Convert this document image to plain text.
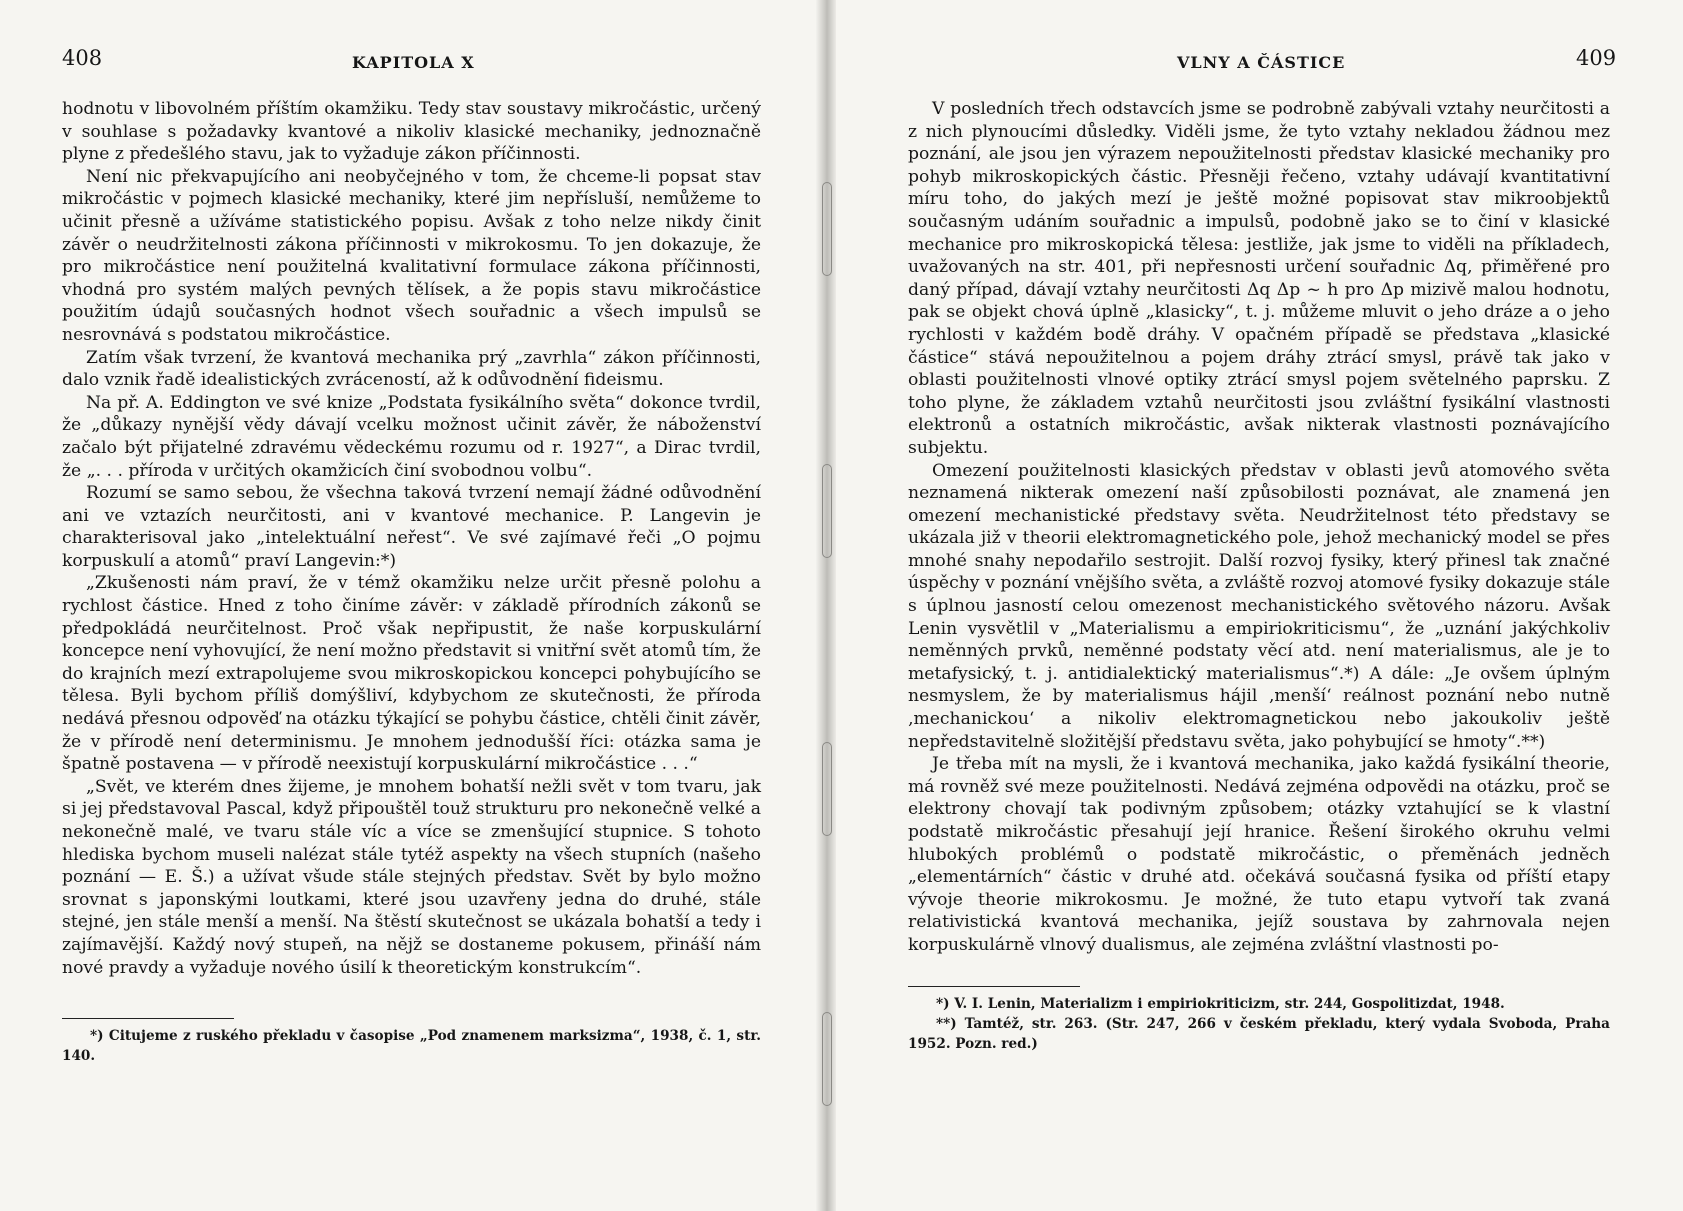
408	KAPITOLA X

hodnotu v libovolném příštím okamžiku. Tedy stav soustavy mikročástic, určený v souhlase s požadavky kvantové a nikoliv klasické mechaniky, jednoznačně plyne z předešlého stavu, jak to vyžaduje zákon příčinnosti.

Není nic překvapujícího ani neobyčejného v tom, že chceme-li popsat stav mikročástic v pojmech klasické mechaniky, které jim nepřísluší, nemůžeme to učinit přesně a užíváme statistického popisu. Avšak z toho nelze nikdy činit závěr o neudržitelnosti zákona příčinnosti v mikrokosmu. To jen dokazuje, že pro mikročástice není použitelná kvalitativní formulace zákona příčinnosti, vhodná pro systém malých pevných tělísek, a že popis stavu mikročástice použitím údajů současných hodnot všech souřadnic a všech impulsů se nesrovnává s podstatou mikročástice.

Zatím však tvrzení, že kvantová mechanika prý „zavrhla“ zákon příčinnosti, dalo vznik řadě idealistických zvráceností, až k odůvodnění fideismu.

Na př. A. Eddington ve své knize „Podstata fysikálního světa“ dokonce tvrdil, že „důkazy nynější vědy dávají vcelku možnost učinit závěr, že náboženství začalo být přijatelné zdravému vědeckému rozumu od r. 1927“, a Dirac tvrdil, že „. . . příroda v určitých okamžicích činí svobodnou volbu“.

Rozumí se samo sebou, že všechna taková tvrzení nemají žádné odůvodnění ani ve vztazích neurčitosti, ani v kvantové mechanice. P. Langevin je charakterisoval jako „intelektuální neřest“. Ve své zajímavé řeči „O pojmu korpuskulí a atomů“ praví Langevin:*)

„Zkušenosti nám praví, že v témž okamžiku nelze určit přesně polohu a rychlost částice. Hned z toho činíme závěr: v základě přírodních zákonů se předpokládá neurčitelnost. Proč však nepřipustit, že naše korpuskulární koncepce není vyhovující, že není možno představit si vnitřní svět atomů tím, že do krajních mezí extrapolujeme svou mikroskopickou koncepci pohybujícího se tělesa. Byli bychom příliš domýšliví, kdybychom ze skutečnosti, že příroda nedává přesnou odpověď na otázku týkající se pohybu částice, chtěli činit závěr, že v přírodě není determinismu. Je mnohem jednodušší říci: otázka sama je špatně postavena — v přírodě neexistují korpuskulární mikročástice . . .“

„Svět, ve kterém dnes žijeme, je mnohem bohatší nežli svět v tom tvaru, jak si jej představoval Pascal, když připouštěl touž strukturu pro nekonečně velké a nekonečně malé, ve tvaru stále víc a více se zmenšující stupnice. S tohoto hlediska bychom museli nalézat stále tytéž aspekty na všech stupních (našeho poznání — E. Š.) a užívat všude stále stejných představ. Svět by bylo možno srovnat s japonskými loutkami, které jsou uzavřeny jedna do druhé, stále stejné, jen stále menší a menší. Na štěstí skutečnost se ukázala bohatší a tedy i zajímavější. Každý nový stupeň, na nějž se dostaneme pokusem, přináší nám nové pravdy a vyžaduje nového úsilí k theoretickým konstrukcím“.

*) Citujeme z ruského překladu v časopise „Pod znamenem marksizma“, 1938, č. 1, str. 140.

VLNY A ČÁSTICE	409

V posledních třech odstavcích jsme se podrobně zabývali vztahy neurčitosti a z nich plynoucími důsledky. Viděli jsme, že tyto vztahy nekladou žádnou mez poznání, ale jsou jen výrazem nepoužitelnosti představ klasické mechaniky pro pohyb mikroskopických částic. Přesněji řečeno, vztahy udávají kvantitativní míru toho, do jakých mezí je ještě možné popisovat stav mikroobjektů současným udáním souřadnic a impulsů, podobně jako se to činí v klasické mechanice pro mikroskopická tělesa: jestliže, jak jsme to viděli na příkladech, uvažovaných na str. 401, při nepřesnosti určení souřadnic Δq, přiměřené pro daný případ, dávají vztahy neurčitosti Δq Δp ~ h pro Δp mizivě malou hodnotu, pak se objekt chová úplně „klasicky“, t. j. můžeme mluvit o jeho dráze a o jeho rychlosti v každém bodě dráhy. V opačném případě se představa „klasické částice“ stává nepoužitelnou a pojem dráhy ztrácí smysl, právě tak jako v oblasti použitelnosti vlnové optiky ztrácí smysl pojem světelného paprsku. Z toho plyne, že základem vztahů neurčitosti jsou zvláštní fysikální vlastnosti elektronů a ostatních mikročástic, avšak nikterak vlastnosti poznávajícího subjektu.

Omezení použitelnosti klasických představ v oblasti jevů atomového světa neznamená nikterak omezení naší způsobilosti poznávat, ale znamená jen omezení mechanistické představy světa. Neudržitelnost této představy se ukázala již v theorii elektromagnetického pole, jehož mechanický model se přes mnohé snahy nepodařilo sestrojit. Další rozvoj fysiky, který přinesl tak značné úspěchy v poznání vnějšího světa, a zvláště rozvoj atomové fysiky dokazuje stále s úplnou jasností celou omezenost mechanistického světového názoru. Avšak Lenin vysvětlil v „Materialismu a empiriokriticismu“, že „uznání jakýchkoliv neměnných prvků, neměnné podstaty věcí atd. není materialismus, ale je to metafysický, t. j. antidialektický materialismus“.*) A dále: „Je ovšem úplným nesmyslem, že by materialismus hájil ‚menší‘ reálnost poznání nebo nutně ‚mechanickou‘ a nikoliv elektromagnetickou nebo jakoukoliv ještě nepředstavitelně složitější představu světa, jako pohybující se hmoty“.**)

Je třeba mít na mysli, že i kvantová mechanika, jako každá fysikální theorie, má rovněž své meze použitelnosti. Nedává zejména odpovědi na otázku, proč se elektrony chovají tak podivným způsobem; otázky vztahující se k vlastní podstatě mikročástic přesahují její hranice. Řešení širokého okruhu velmi hlubokých problémů o podstatě mikročástic, o přeměnách jedněch „elementárních“ částic v druhé atd. očekává současná fysika od příští etapy vývoje theorie mikrokosmu. Je možné, že tuto etapu vytvoří tak zvaná relativistická kvantová mechanika, jejíž soustava by zahrnovala nejen korpuskulárně vlnový dualismus, ale zejména zvláštní vlastnosti po-

*) V. I. Lenin, Materializm i empiriokriticizm, str. 244, Gospolitizdat, 1948.

**) Tamtéž, str. 263. (Str. 247, 266 v českém překladu, který vydala Svoboda, Praha 1952. Pozn. red.)
